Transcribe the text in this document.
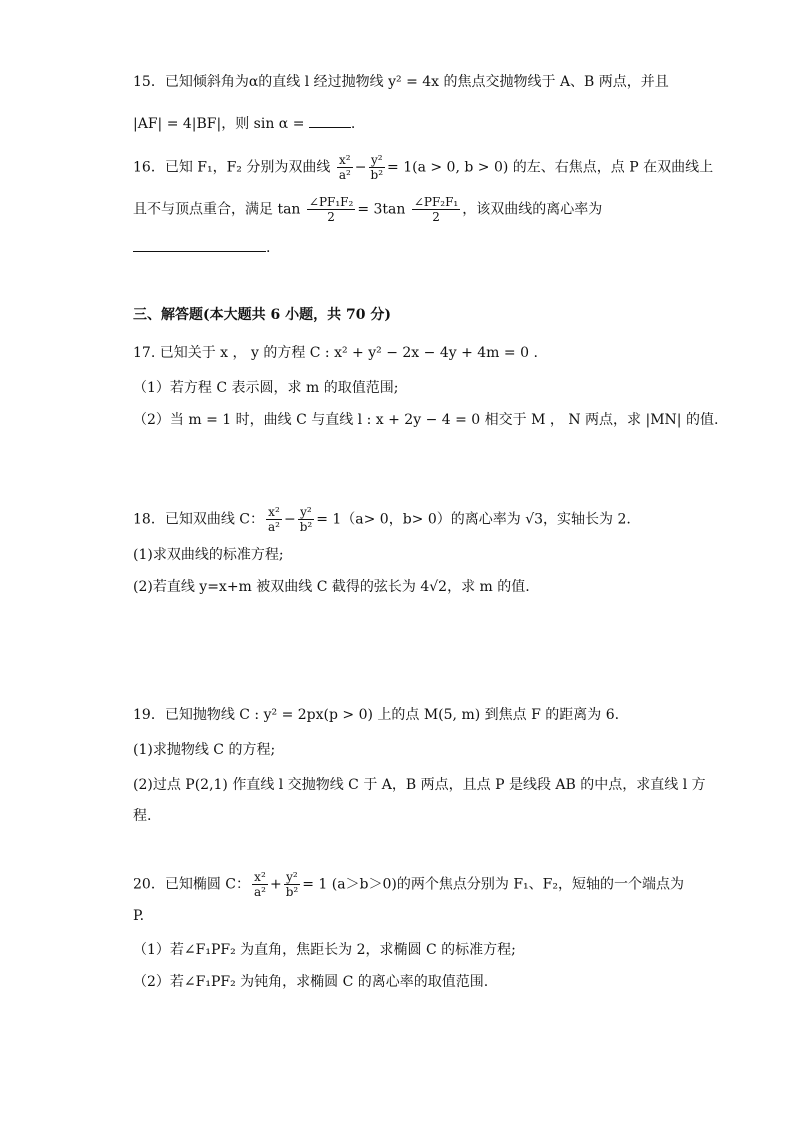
15．已知倾斜角为α的直线 l 经过抛物线 y² = 4x 的焦点交抛物线于 A、B 两点，并且
|AF| = 4|BF|，则 sin α =	.
16．已知 F₁，F₂ 分别为双曲线 $\frac{\text{x²}}{\text{a²}} - \frac{\text{y²}}{\text{b²}} = 1(a > 0$, b > 0) 的左、右焦点，点 P 在双曲线上
且不与顶点重合，满足 $\tan \frac{\text{∠PF₁F₂}}{2} = 3\tan \frac{\text{∠PF₂F₁}}{2}$ ，该双曲线的离心率为
.
三、解答题(本大题共 6 小题，共 70 分)
17. 已知关于 x ， y 的方程 C : x² + y² − 2x − 4y + 4m = 0 .
（1）若方程 C 表示圆，求 m 的取值范围;
（2）当 m = 1 时，曲线 C 与直线 l : x + 2y − 4 = 0 相交于 M ， N 两点，求 |MN| 的值.
18．已知双曲线 C： $\frac{\text{x²}}{\text{a²}} - \frac{\text{y²}}{\text{b²}} = 1(a> 0$，b> 0）的离心率为 √3，实轴长为 2.
(1)求双曲线的标准方程;
(2)若直线 y=x+m 被双曲线 C 截得的弦长为 4√2，求 m 的值.
19．已知抛物线 C : y² = 2px(p > 0) 上的点 M(5, m) 到焦点 F 的距离为 6.
(1)求抛物线 C 的方程;
(2)过点 P(2,1) 作直线 l 交抛物线 C 于 A，B 两点，且点 P 是线段 AB 的中点，求直线 l 方
程.
20．已知椭圆 C： $\frac{\text{x²}}{\text{a²}} + \frac{\text{y²}}{\text{b²}} = 1$ (a＞b＞0)的两个焦点分别为 F₁、F₂，短轴的一个端点为
P.
（1）若∠F₁PF₂ 为直角，焦距长为 2，求椭圆 C 的标准方程;
（2）若∠F₁PF₂ 为钝角，求椭圆 C 的离心率的取值范围.
